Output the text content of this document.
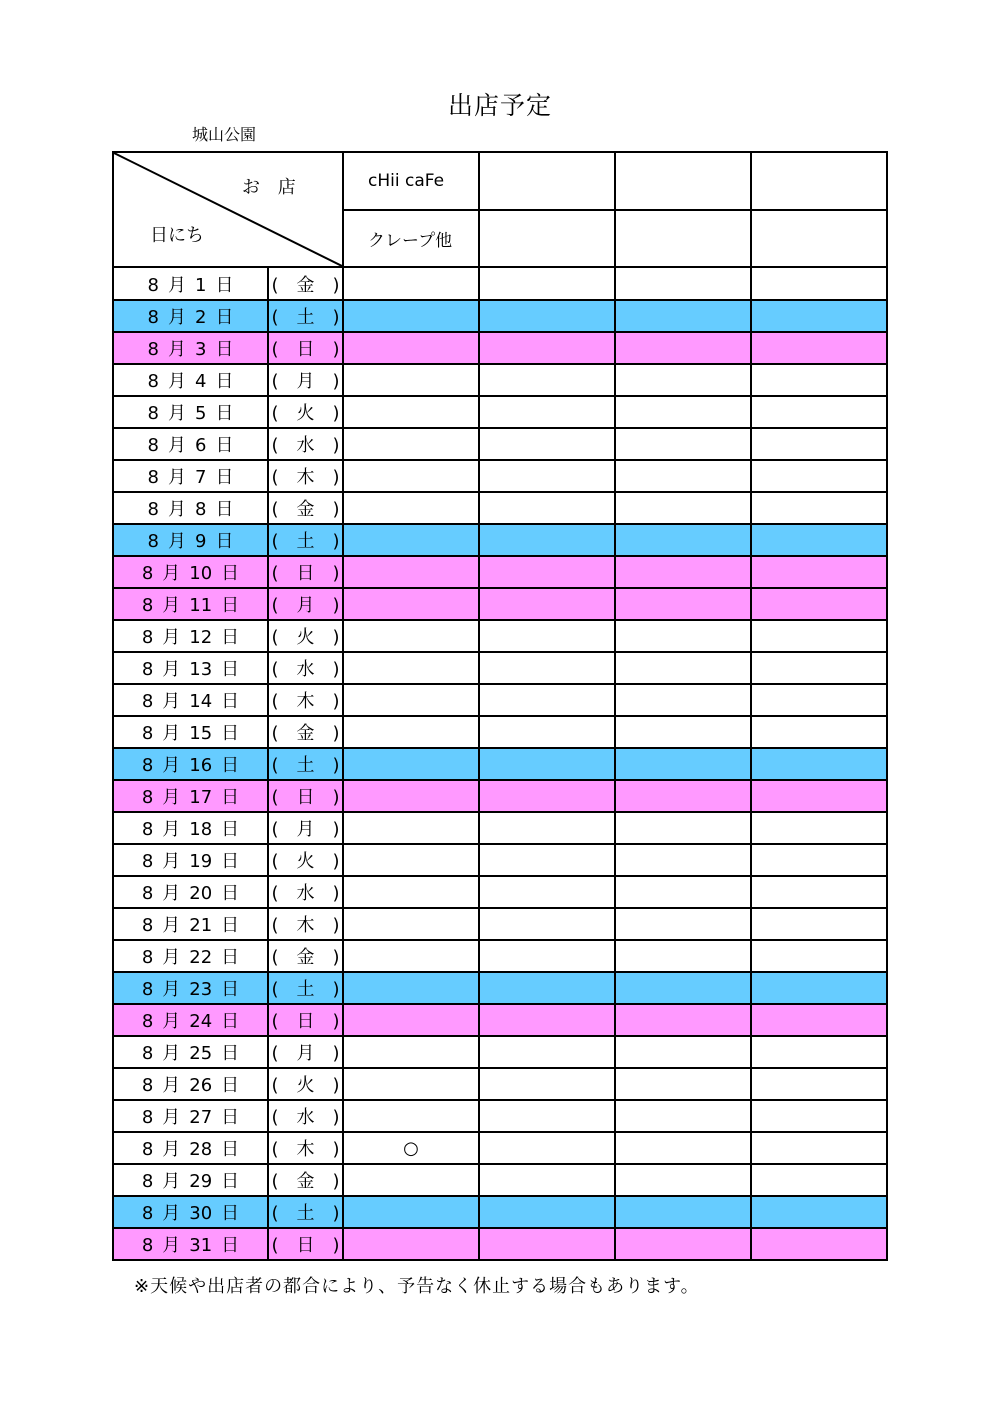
出店予定
城山公園
お 店
日にち		cHii caFe			
		クレープ他			
8 月 1 日	(　金　)				
8 月 2 日	(　土　)				
8 月 3 日	(　日　)				
8 月 4 日	(　月　)				
8 月 5 日	(　火　)				
8 月 6 日	(　水　)				
8 月 7 日	(　木　)				
8 月 8 日	(　金　)				
8 月 9 日	(　土　)				
8 月 10 日	(　日　)				
8 月 11 日	(　月　)				
8 月 12 日	(　火　)				
8 月 13 日	(　水　)				
8 月 14 日	(　木　)				
8 月 15 日	(　金　)				
8 月 16 日	(　土　)				
8 月 17 日	(　日　)				
8 月 18 日	(　月　)				
8 月 19 日	(　火　)				
8 月 20 日	(　水　)				
8 月 21 日	(　木　)				
8 月 22 日	(　金　)				
8 月 23 日	(　土　)				
8 月 24 日	(　日　)				
8 月 25 日	(　月　)				
8 月 26 日	(　火　)				
8 月 27 日	(　水　)				
8 月 28 日	(　木　)	○			
8 月 29 日	(　金　)				
8 月 30 日	(　土　)				
8 月 31 日	(　日　)				
※天候や出店者の都合により、予告なく休止する場合もあります。
